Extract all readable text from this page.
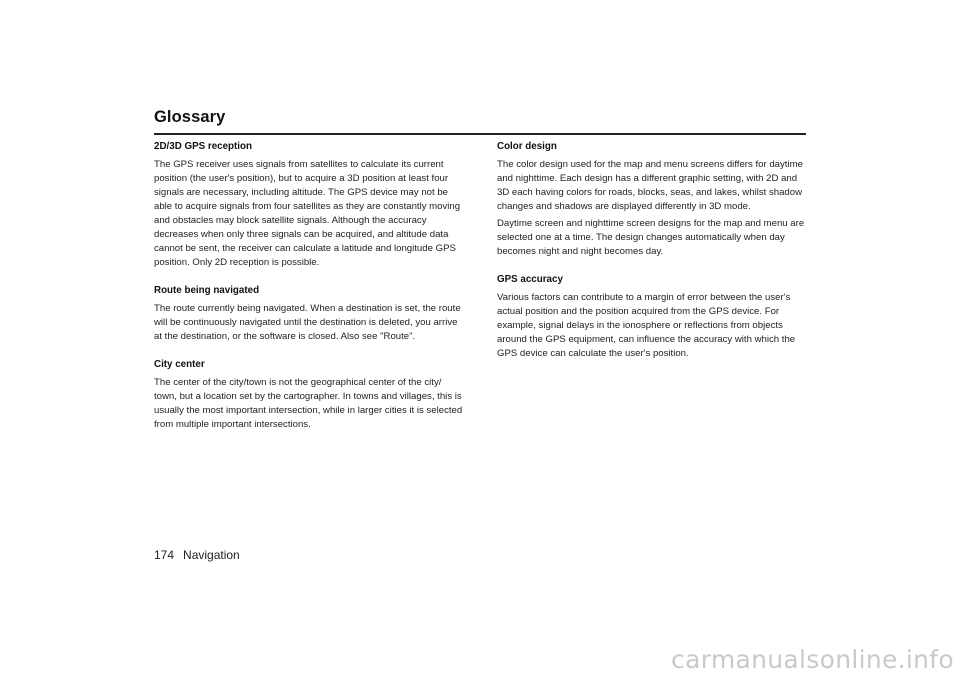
Glossary

2D/3D GPS reception

The GPS receiver uses signals from satellites to calculate its current position (the user's position), but to acquire a 3D position at least four signals are necessary, including altitude. The GPS device may not be able to acquire signals from four satellites as they are constantly moving and obstacles may block satellite signals. Although the accuracy decreases when only three signals can be acquired, and altitude data cannot be sent, the receiver can calculate a latitude and longitude GPS position. Only 2D reception is possible.

Route being navigated

The route currently being navigated. When a destination is set, the route will be continuously navigated until the destination is deleted, you arrive at the destination, or the software is closed. Also see "Route".

City center

The center of the city/town is not the geographical center of the city/ town, but a location set by the cartographer. In towns and villages, this is usually the most important intersection, while in larger cities it is selected from multiple important intersections.

Color design

The color design used for the map and menu screens differs for daytime and nighttime. Each design has a different graphic setting, with 2D and 3D each having colors for roads, blocks, seas, and lakes, whilst shadow changes and shadows are displayed differently in 3D mode.

Daytime screen and nighttime screen designs for the map and menu are selected one at a time. The design changes automatically when day becomes night and night becomes day.

GPS accuracy

Various factors can contribute to a margin of error between the user's actual position and the position acquired from the GPS device. For example, signal delays in the ionosphere or reflections from objects around the GPS equipment, can influence the accuracy with which the GPS device can calculate the user's position.

174 Navigation
carmanualsonline.info
